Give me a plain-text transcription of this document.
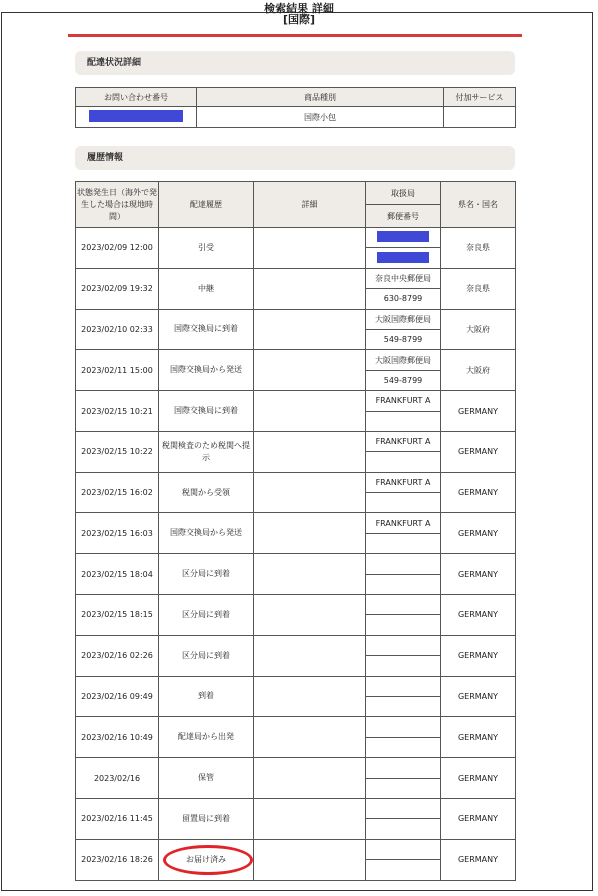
検索結果 詳細
[国際]
配達状況詳細
お問い合わせ番号	商品種別	付加サービス
	国際小包	
履歴情報
状態発生日（海外で発生した場合は現地時間）	配達履歴	詳細	取扱局	県名・国名
			郵便番号	
2023/02/09 12:00	引受			奈良県

2023/02/09 19:32	中継		奈良中央郵便局	奈良県
			630-8799	
2023/02/10 02:33	国際交換局に到着		大阪国際郵便局	大阪府
			549-8799	
2023/02/11 15:00	国際交換局から発送		大阪国際郵便局	大阪府
			549-8799	
2023/02/15 10:21	国際交換局に到着		FRANKFURT A	GERMANY

2023/02/15 10:22	税関検査のため税関へ提示		FRANKFURT A	GERMANY

2023/02/15 16:02	税関から受領		FRANKFURT A	GERMANY

2023/02/15 16:03	国際交換局から発送		FRANKFURT A	GERMANY

2023/02/15 18:04	区分局に到着			GERMANY

2023/02/15 18:15	区分局に到着			GERMANY

2023/02/16 02:26	区分局に到着			GERMANY

2023/02/16 09:49	到着			GERMANY

2023/02/16 10:49	配達局から出発			GERMANY

2023/02/16	保管			GERMANY

2023/02/16 11:45	留置局に到着			GERMANY

2023/02/16 18:26	お届け済み			GERMANY
